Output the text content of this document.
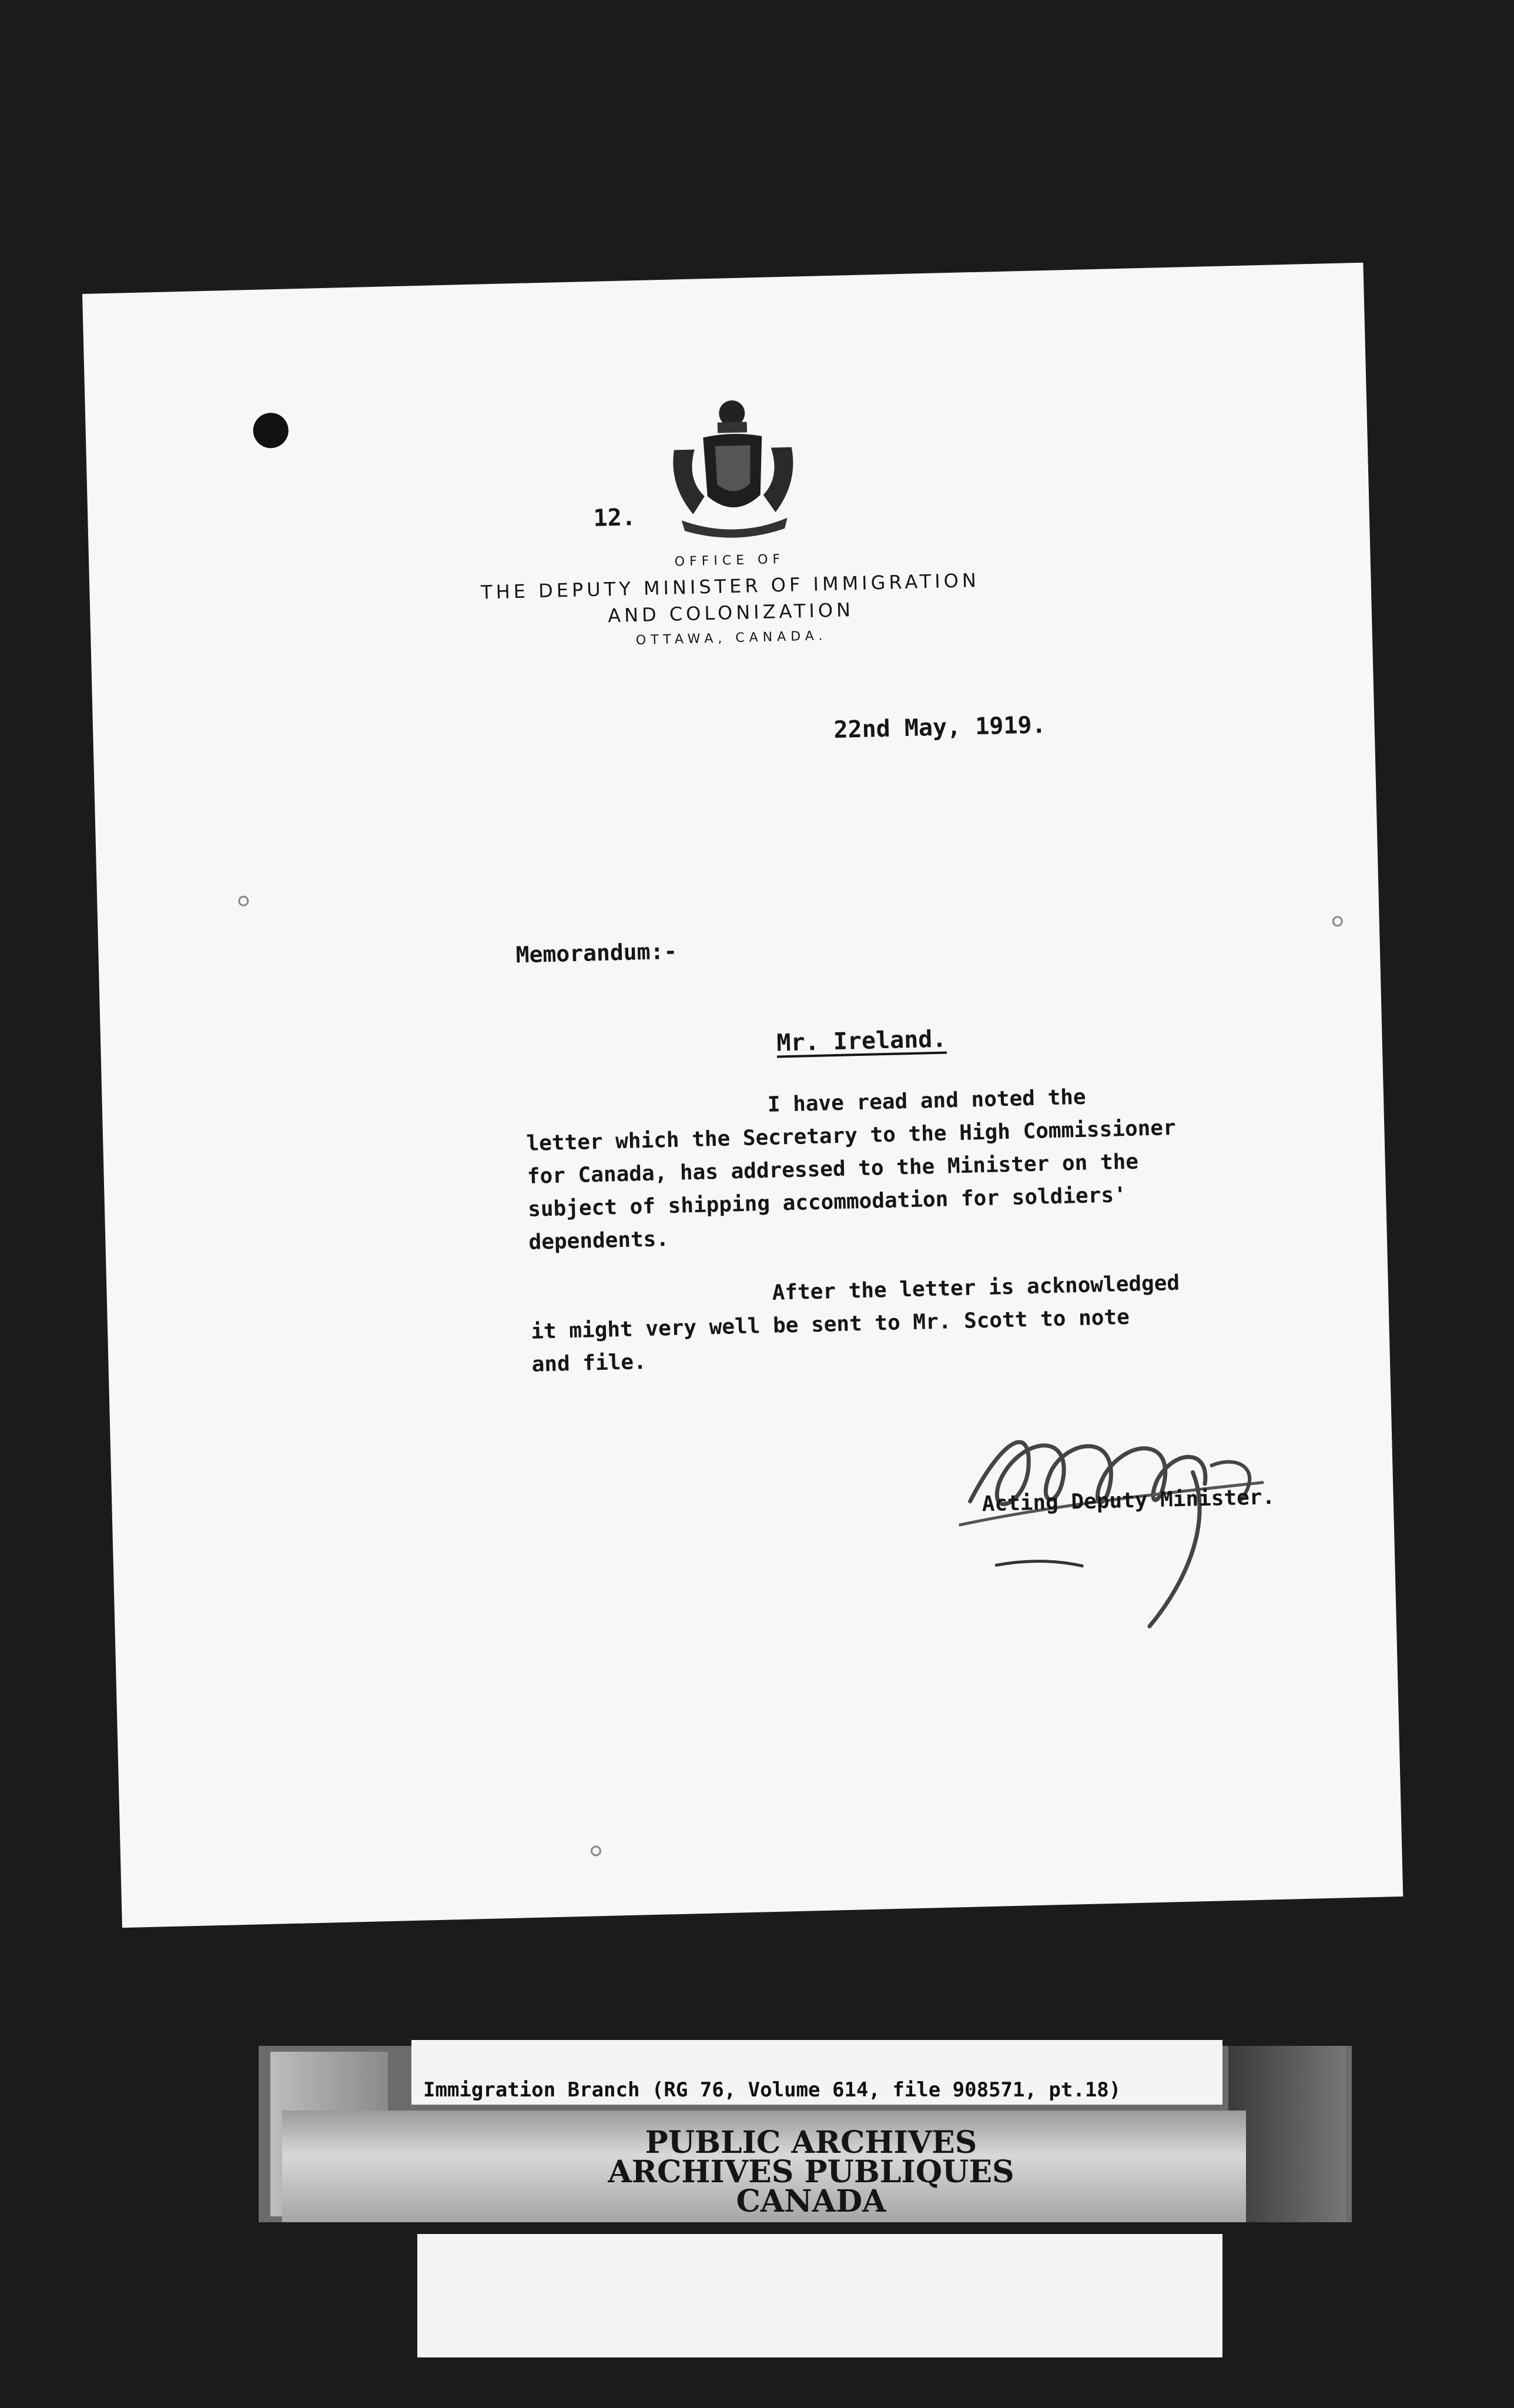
12.
OFFICE OF
THE DEPUTY MINISTER OF IMMIGRATION
AND COLONIZATION
OTTAWA, CANADA.
22nd May, 1919.
Memorandum:-
Mr. Ireland.
I have read and noted the
letter which the Secretary to the High Commissioner
for Canada, has addressed to the Minister on the
subject of shipping accommodation for soldiers'
dependents.
After the letter is acknowledged
it might very well be sent to Mr. Scott to note
and file.
Acting Deputy Minister.
Immigration Branch (RG 76, Volume 614, file 908571, pt.18)
PUBLIC ARCHIVES
ARCHIVES PUBLIQUES
CANADA
